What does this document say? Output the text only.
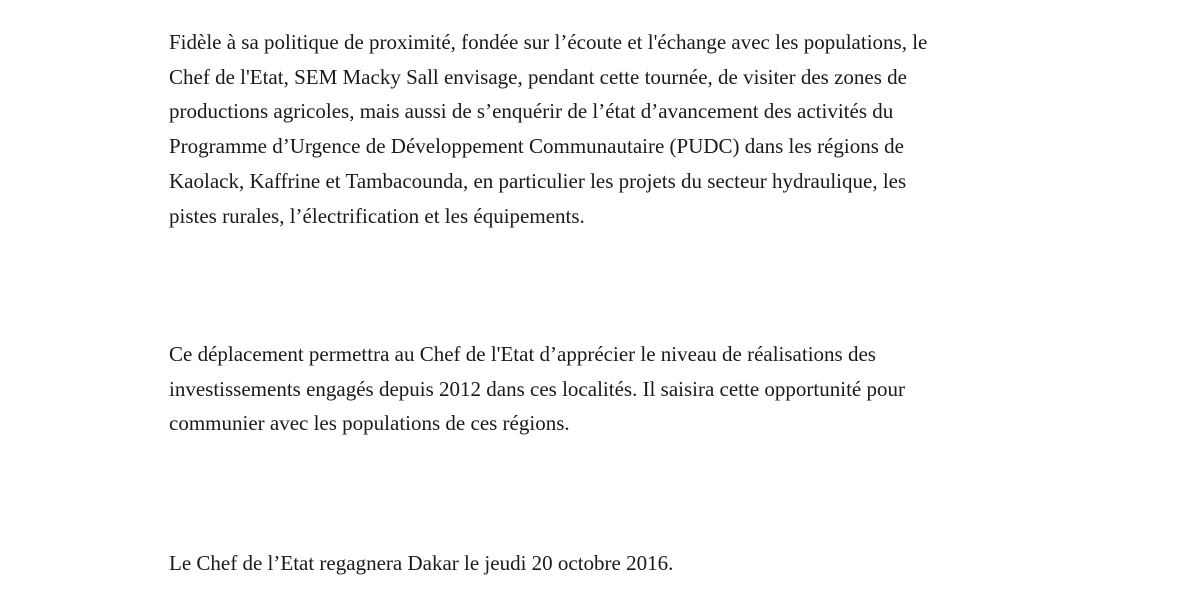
Fidèle à sa politique de proximité, fondée sur l’écoute et l'échange avec les populations, le
Chef de l'Etat, SEM Macky Sall envisage, pendant cette tournée, de visiter des zones de
productions agricoles, mais aussi de s’enquérir de l’état d’avancement des activités du
Programme d’Urgence de Développement Communautaire (PUDC) dans les régions de
Kaolack, Kaffrine et Tambacounda, en particulier les projets du secteur hydraulique, les
pistes rurales, l’électrification et les équipements.

Ce déplacement permettra au Chef de l'Etat d’apprécier le niveau de réalisations des
investissements engagés depuis 2012 dans ces localités. Il saisira cette opportunité pour
communier avec les populations de ces régions.

Le Chef de l’Etat regagnera Dakar le jeudi 20 octobre 2016.
